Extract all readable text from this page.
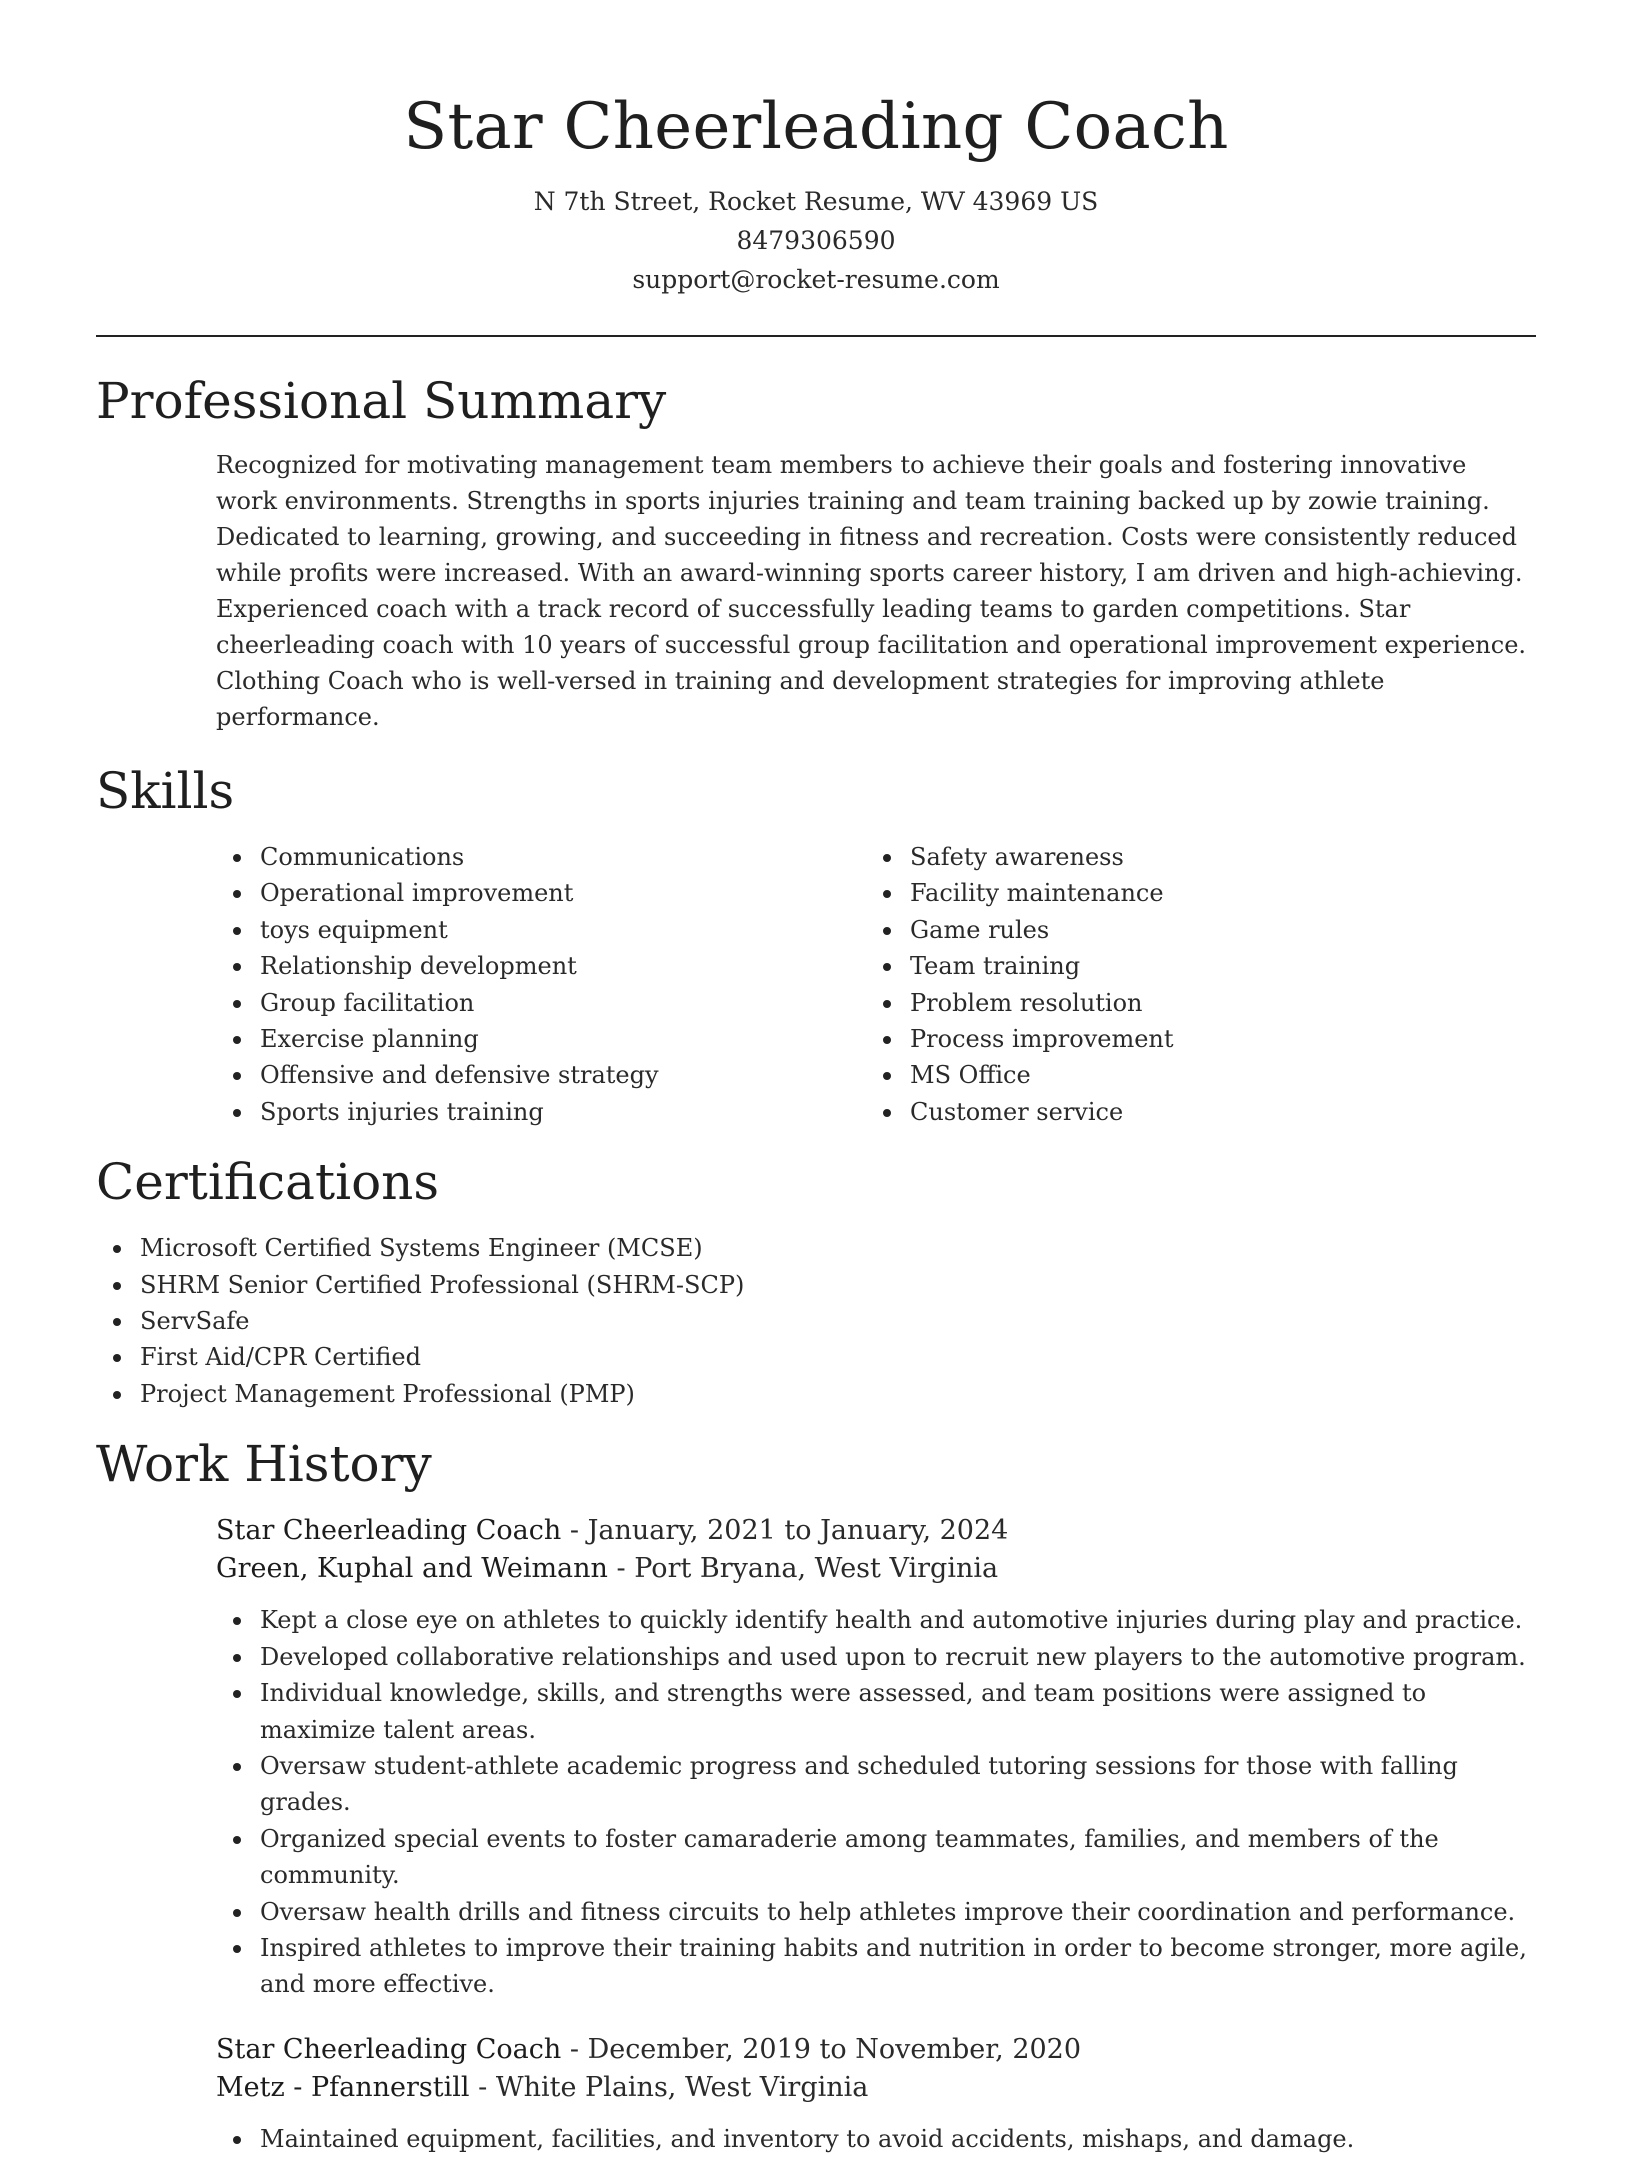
Star Cheerleading Coach
N 7th Street, Rocket Resume, WV 43969 US
8479306590
support@rocket-resume.com
Professional Summary

Recognized for motivating management team members to achieve their goals and fostering innovative work environments. Strengths in sports injuries training and team training backed up by zowie training. Dedicated to learning, growing, and succeeding in fitness and recreation. Costs were consistently reduced while profits were increased. With an award-winning sports career history, I am driven and high-achieving. Experienced coach with a track record of successfully leading teams to garden competitions. Star cheerleading coach with 10 years of successful group facilitation and operational improvement experience. Clothing Coach who is well-versed in training and development strategies for improving athlete performance.

Skills
Communications
Operational improvement
toys equipment
Relationship development
Group facilitation
Exercise planning
Offensive and defensive strategy
Sports injuries training
Safety awareness
Facility maintenance
Game rules
Team training
Problem resolution
Process improvement
MS Office
Customer service
Certifications
Microsoft Certified Systems Engineer (MCSE)
SHRM Senior Certified Professional (SHRM-SCP)
ServSafe
First Aid/CPR Certified
Project Management Professional (PMP)
Work History
Star Cheerleading Coach - January, 2021 to January, 2024
Green, Kuphal and Weimann - Port Bryana, West Virginia
Kept a close eye on athletes to quickly identify health and automotive injuries during play and practice.
Developed collaborative relationships and used upon to recruit new players to the automotive program.
Individual knowledge, skills, and strengths were assessed, and team positions were assigned to maximize talent areas.
Oversaw student-athlete academic progress and scheduled tutoring sessions for those with falling grades.
Organized special events to foster camaraderie among teammates, families, and members of the community.
Oversaw health drills and fitness circuits to help athletes improve their coordination and performance.
Inspired athletes to improve their training habits and nutrition in order to become stronger, more agile, and more effective.
Star Cheerleading Coach - December, 2019 to November, 2020
Metz - Pfannerstill - White Plains, West Virginia
Maintained equipment, facilities, and inventory to avoid accidents, mishaps, and damage.
